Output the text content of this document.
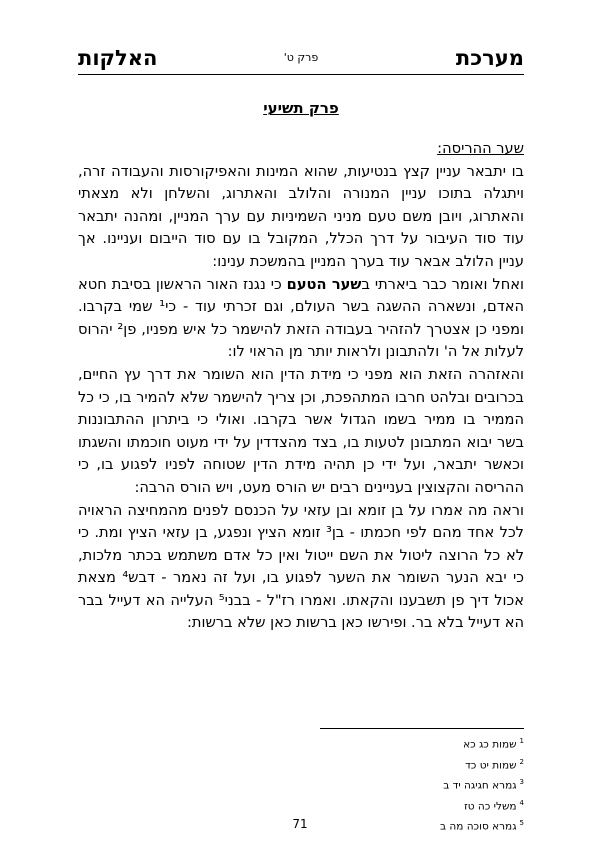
מערכת
פרק ט'
האלקות
פרק תשיעי
שער ההריסה:
בו יתבאר עניין קצץ בנטיעות, שהוא המינות והאפיקורסות והעבודה זרה, ויתגלה בתוכו עניין המנורה והלולב והאתרוג, והשלחן ולא מצאתי והאתרוג, ויובן משם טעם מניני השמיניות עם ערך המניין, ומהנה יתבאר עוד סוד העיבור על דרך הכלל, המקובל בו עם סוד הייבום ועניינו. אך עניין הלולב אבאר עוד בערך המניין בהמשכת ענינו:
ואחל ואומר כבר ביארתי בשער הטעם כי נגנז האור הראשון בסיבת חטא האדם, ונשארה ההשגה בשר העולם, וגם זכרתי עוד - כי¹ שמי בקרבו. ומפני כן אצטרך להזהיר בעבודה הזאת להישמר כל איש מפניו, פן² יהרוס לעלות אל ה' ולהתבונן ולראות יותר מן הראוי לו:
והאזהרה הזאת הוא מפני כי מידת הדין הוא השומר את דרך עץ החיים, בכרובים ובלהט חרבו המתהפכת, וכן צריך להישמר שלא להמיר בו, כי כל הממיר בו ממיר בשמו הגדול אשר בקרבו. ואולי כי ביתרון ההתבוננות בשר יבוא המתבונן לטעות בו, בצד מהצדדין על ידי מעוט חוכמתו והשגתו וכאשר יתבאר, ועל ידי כן תהיה מידת הדין שטוחה לפניו לפגוע בו, כי ההריסה והקצוצין בעניינים רבים יש הורס מעט, ויש הורס הרבה:
וראה מה אמרו על בן זומא ובן עזאי על הכנסם לפנים מהמחיצה הראויה לכל אחד מהם לפי חכמתו - בן³ זומא הציץ ונפגע, בן עזאי הציץ ומת. כי לא כל הרוצה ליטול את השם ייטול ואין כל אדם משתמש בכתר מלכות, כי יבא הנער השומר את השער לפגוע בו, ועל זה נאמר - דבש⁴ מצאת אכול דיך פן תשבענו והקאתו. ואמרו רז"ל - בבני⁵ העלייה הא דעייל בבר הא דעייל בלא בר. ופירשו כאן ברשות כאן שלא ברשות:
$^1$שמות כג כא
$^2$שמות יט כד
$^3$גמרא חגיגה יד ב
$^4$משלי כה טז
$^5$גמרא סוכה מה ב
71
